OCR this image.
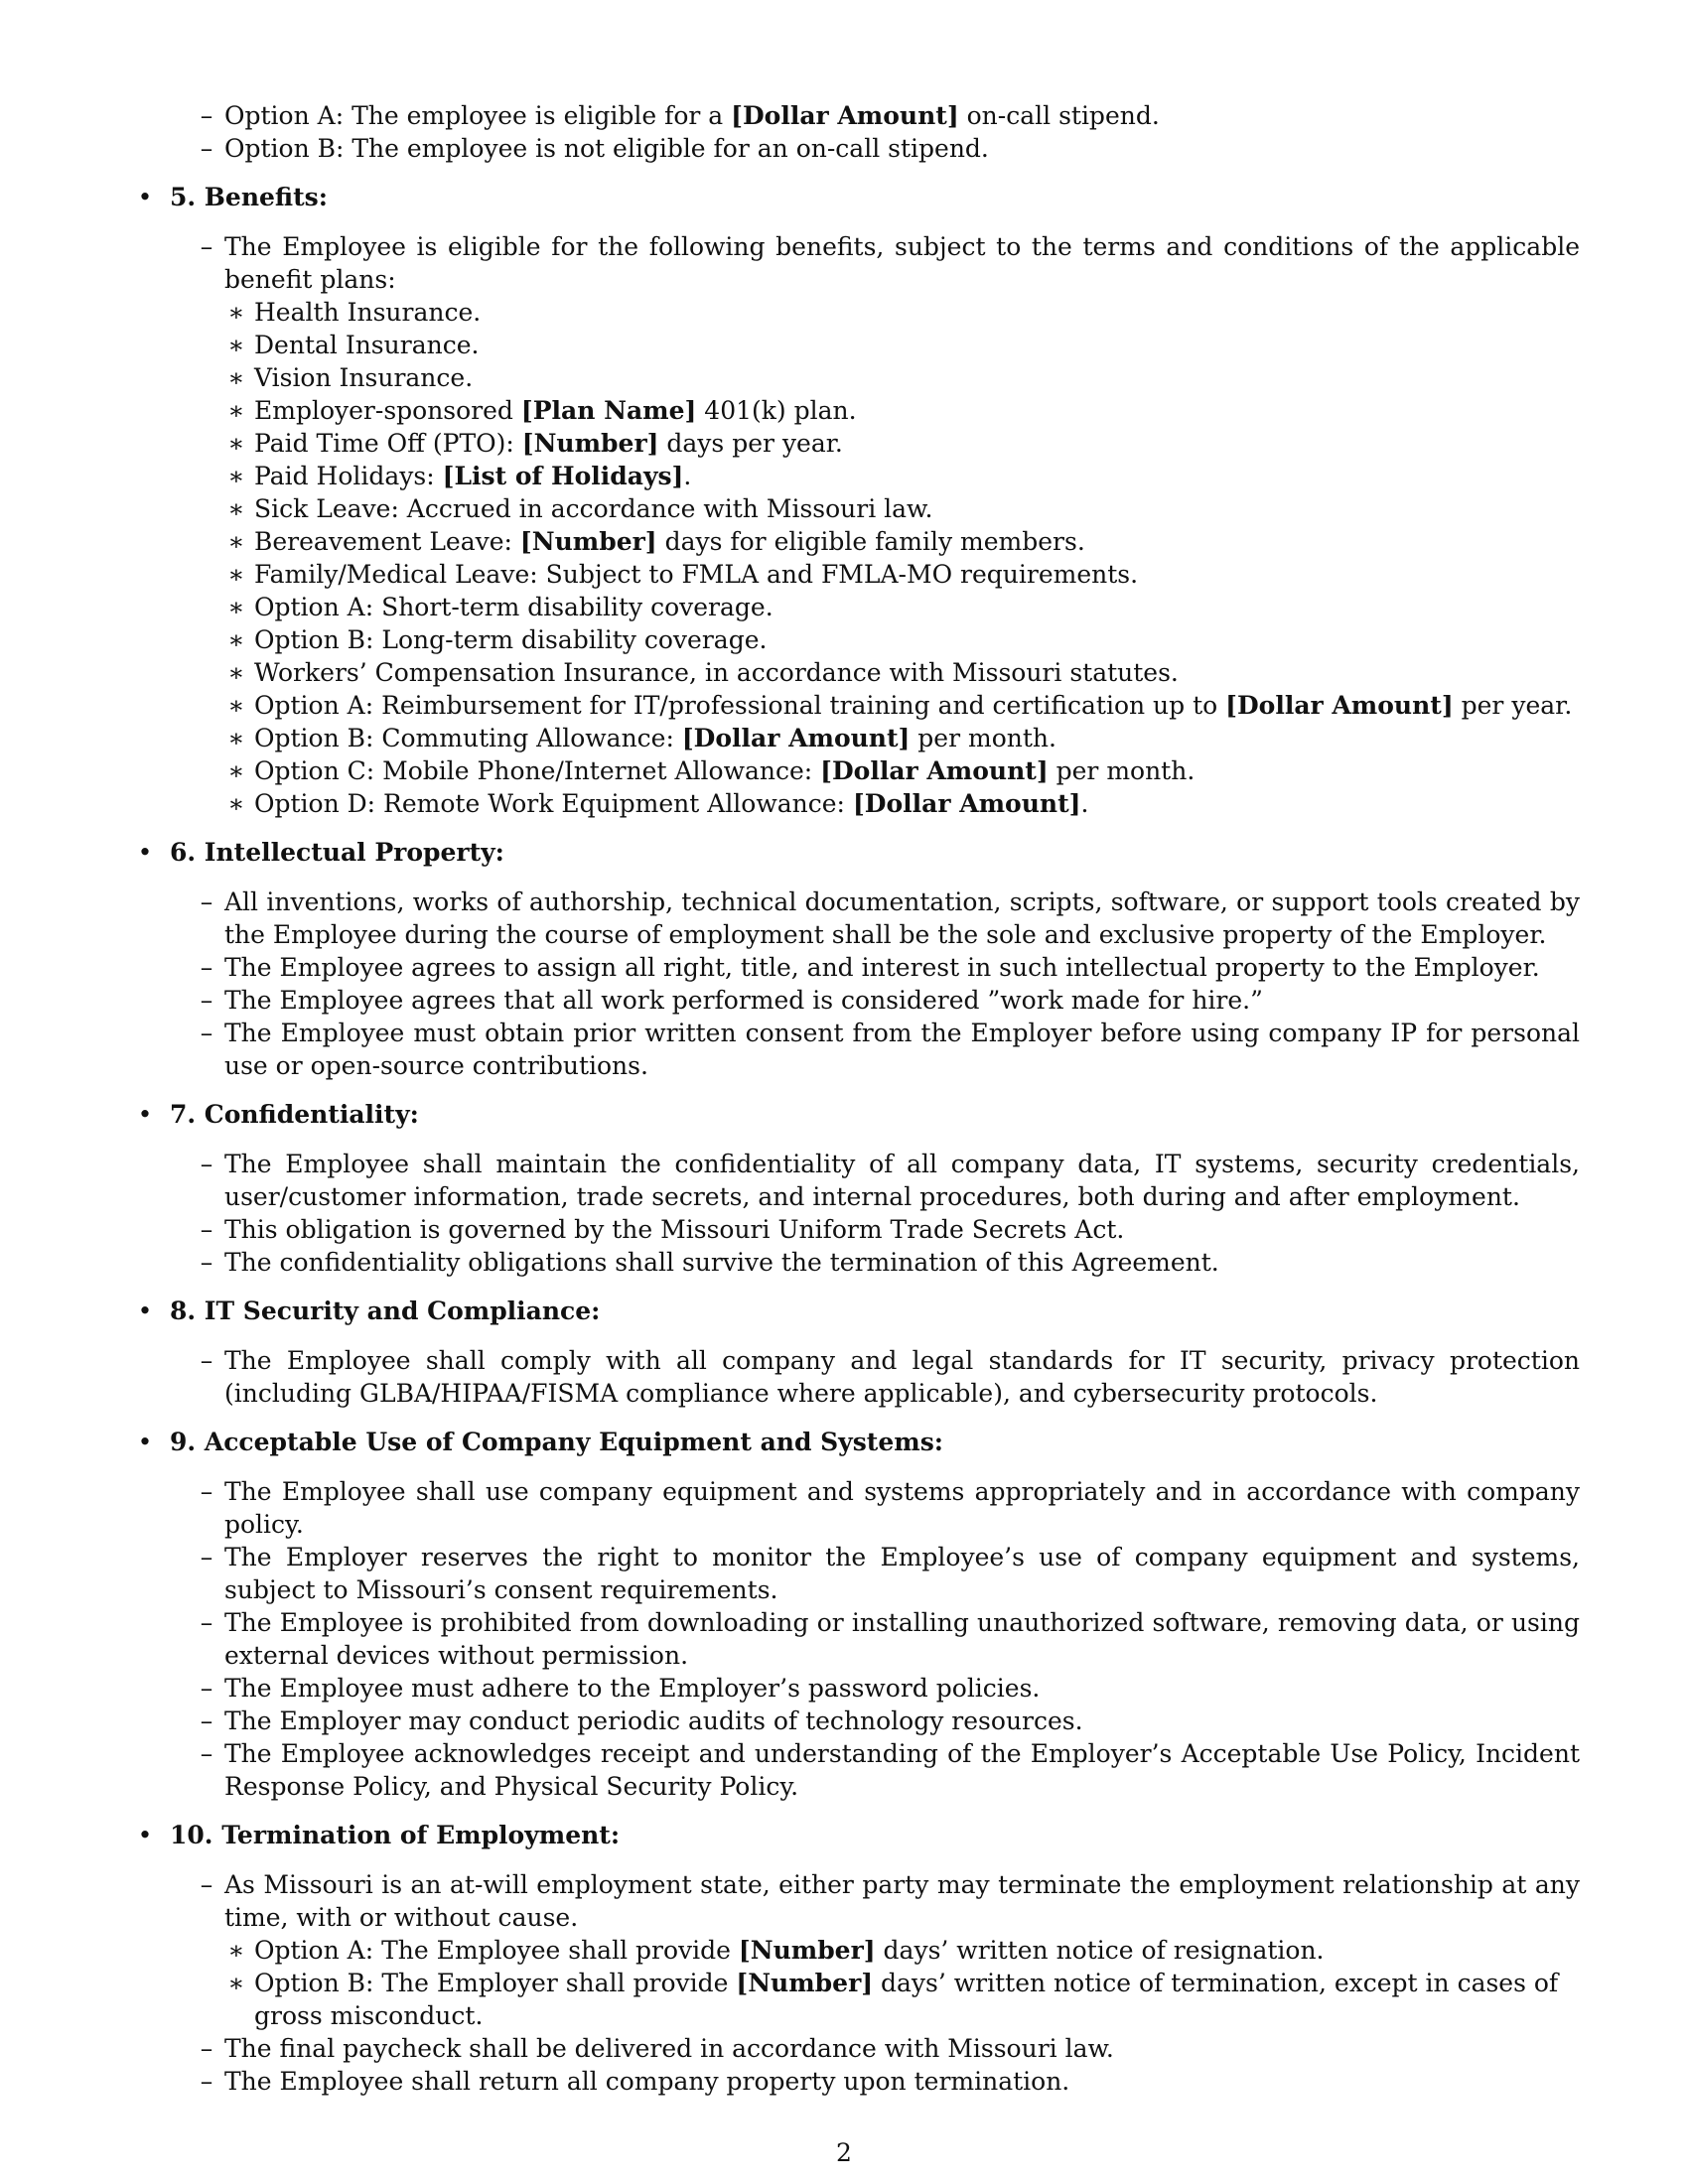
– Option A: The employee is eligible for a [Dollar Amount] on-call stipend.
– Option B: The employee is not eligible for an on-call stipend.
• 5. Benefits:
– The Employee is eligible for the following benefits, subject to the terms and conditions of the applicable benefit plans:
∗ Health Insurance.
∗ Dental Insurance.
∗ Vision Insurance.
∗ Employer-sponsored [Plan Name] 401(k) plan.
∗ Paid Time Off (PTO): [Number] days per year.
∗ Paid Holidays: [List of Holidays].
∗ Sick Leave: Accrued in accordance with Missouri law.
∗ Bereavement Leave: [Number] days for eligible family members.
∗ Family/Medical Leave: Subject to FMLA and FMLA-MO requirements.
∗ Option A: Short-term disability coverage.
∗ Option B: Long-term disability coverage.
∗ Workers’ Compensation Insurance, in accordance with Missouri statutes.
∗ Option A: Reimbursement for IT/professional training and certification up to [Dollar Amount] per year.
∗ Option B: Commuting Allowance: [Dollar Amount] per month.
∗ Option C: Mobile Phone/Internet Allowance: [Dollar Amount] per month.
∗ Option D: Remote Work Equipment Allowance: [Dollar Amount].
• 6. Intellectual Property:
– All inventions, works of authorship, technical documentation, scripts, software, or support tools created by the Employee during the course of employment shall be the sole and exclusive property of the Employer.
– The Employee agrees to assign all right, title, and interest in such intellectual property to the Employer.
– The Employee agrees that all work performed is considered ”work made for hire.”
– The Employee must obtain prior written consent from the Employer before using company IP for personal use or open-source contributions.
• 7. Confidentiality:
– The Employee shall maintain the confidentiality of all company data, IT systems, security credentials, user/customer information, trade secrets, and internal procedures, both during and after employment.
– This obligation is governed by the Missouri Uniform Trade Secrets Act.
– The confidentiality obligations shall survive the termination of this Agreement.
• 8. IT Security and Compliance:
– The Employee shall comply with all company and legal standards for IT security, privacy protection (including GLBA/HIPAA/FISMA compliance where applicable), and cybersecurity protocols.
• 9. Acceptable Use of Company Equipment and Systems:
– The Employee shall use company equipment and systems appropriately and in accordance with company policy.
– The Employer reserves the right to monitor the Employee’s use of company equipment and systems, subject to Missouri’s consent requirements.
– The Employee is prohibited from downloading or installing unauthorized software, removing data, or using external devices without permission.
– The Employee must adhere to the Employer’s password policies.
– The Employer may conduct periodic audits of technology resources.
– The Employee acknowledges receipt and understanding of the Employer’s Acceptable Use Policy, Incident Response Policy, and Physical Security Policy.
• 10. Termination of Employment:
– As Missouri is an at-will employment state, either party may terminate the employment relationship at any time, with or without cause.
∗ Option A: The Employee shall provide [Number] days’ written notice of resignation.
∗ Option B: The Employer shall provide [Number] days’ written notice of termination, except in cases of gross misconduct.
– The final paycheck shall be delivered in accordance with Missouri law.
– The Employee shall return all company property upon termination.
2
